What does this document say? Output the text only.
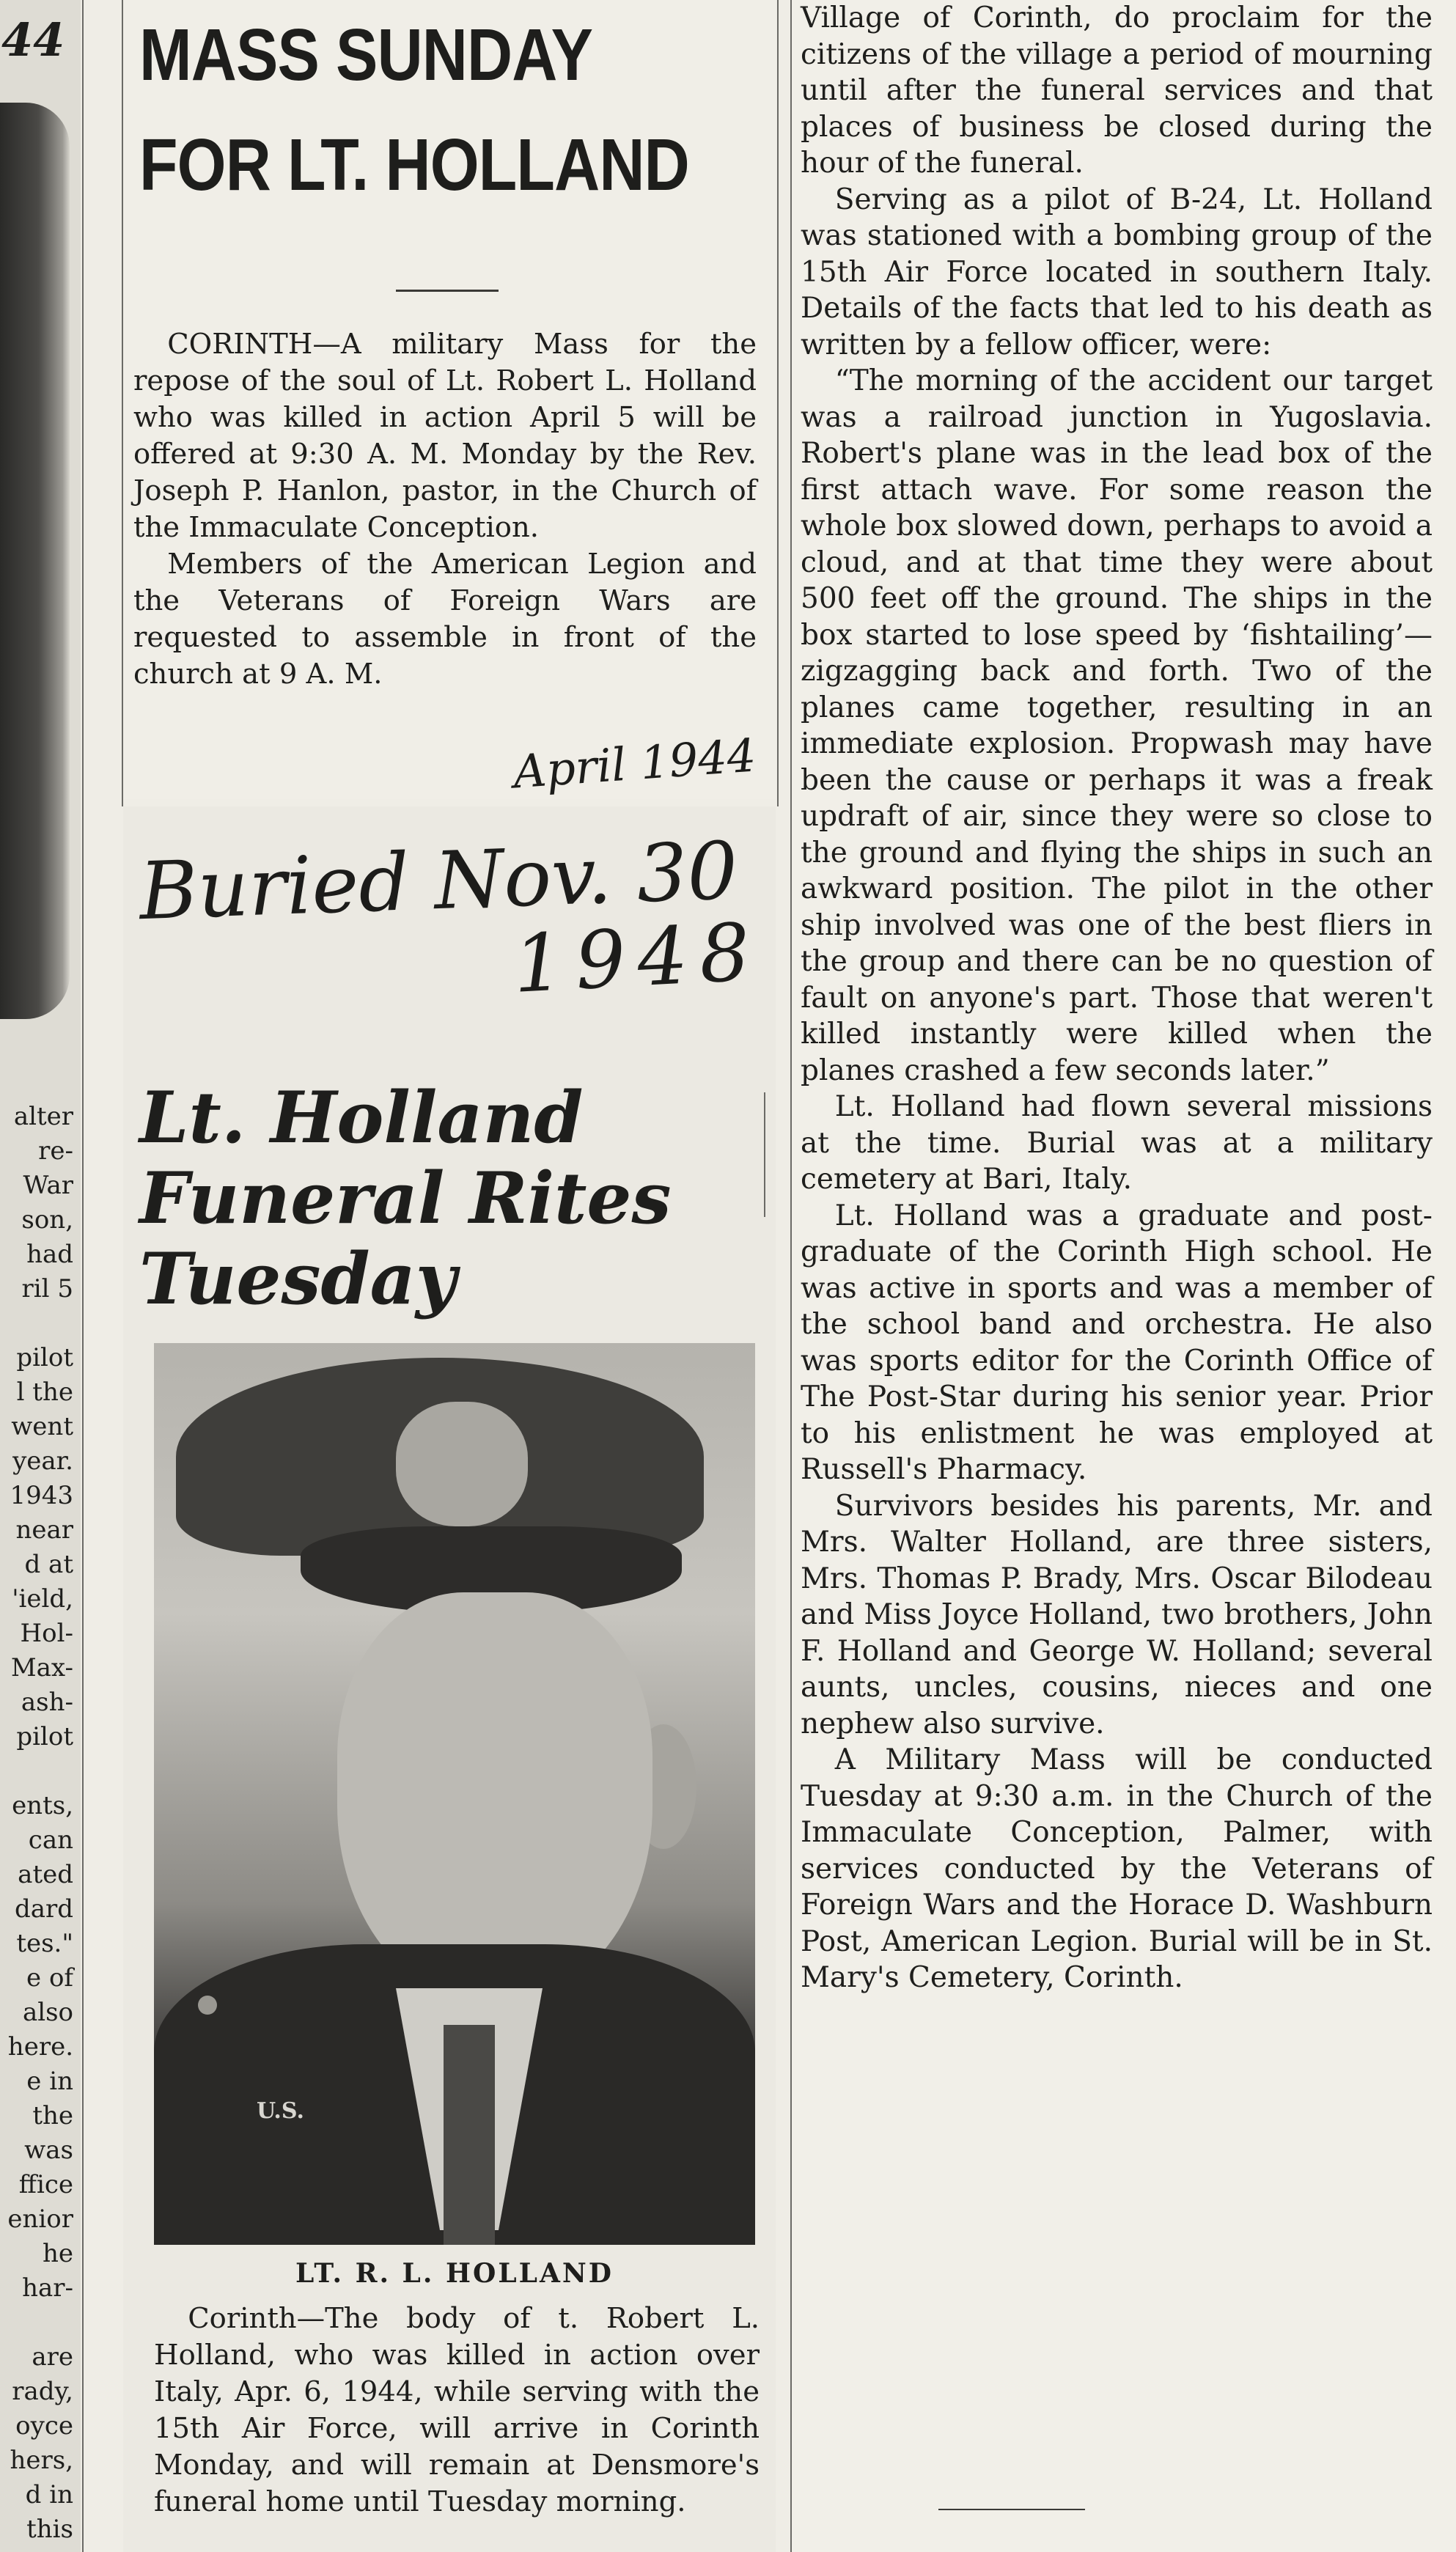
44
alter
re-
War
son,
had
ril 5
pilot
l the
went
year.
1943
near
d at
'ield,
Hol-
Max-
ash-
pilot
ents,
can
ated
dard
tes."
e of
also
here.
e in
the
was
ffice
enior
he
har-
are
rady,
oyce
hers,
d in
this
MASS SUNDAY
FOR LT. HOLLAND

CORINTH—A military Mass for the repose of the soul of Lt. Robert L. Holland who was killed in action April 5 will be offered at 9:30 A. M. Monday by the Rev. Joseph P. Hanlon, pastor, in the Church of the Immaculate Conception.

Members of the American Legion and the Veterans of Foreign Wars are requested to assemble in front of the church at 9 A. M.

April 1944
Buried Nov. 30
1948
Lt. Holland
Funeral Rites
Tuesday
U.S.
LT. R. L. HOLLAND

Corinth—The body of t. Robert L. Holland, who was killed in action over Italy, Apr. 6, 1944, while serving with the 15th Air Force, will arrive in Corinth Monday, and will remain at Densmore's funeral home until Tuesday morning.

Village of Corinth, do proclaim for the citizens of the village a period of mourning until after the funeral services and that places of business be closed during the hour of the funeral.

Serving as a pilot of B-24, Lt. Holland was stationed with a bombing group of the 15th Air Force located in southern Italy. Details of the facts that led to his death as written by a fellow officer, were:

“The morning of the accident our target was a railroad junction in Yugoslavia. Robert's plane was in the lead box of the first attach wave. For some reason the whole box slowed down, perhaps to avoid a cloud, and at that time they were about 500 feet off the ground. The ships in the box started to lose speed by ‘fishtailing’—zigzagging back and forth. Two of the planes came together, resulting in an immediate explosion. Propwash may have been the cause or perhaps it was a freak updraft of air, since they were so close to the ground and flying the ships in such an awkward position. The pilot in the other ship involved was one of the best fliers in the group and there can be no question of fault on anyone's part. Those that weren't killed instantly were killed when the planes crashed a few seconds later.”

Lt. Holland had flown several missions at the time. Burial was at a military cemetery at Bari, Italy.

Lt. Holland was a graduate and post-graduate of the Corinth High school. He was active in sports and was a member of the school band and orchestra. He also was sports editor for the Corinth Office of The Post-Star during his senior year. Prior to his enlistment he was employed at Russell's Pharmacy.

Survivors besides his parents, Mr. and Mrs. Walter Holland, are three sisters, Mrs. Thomas P. Brady, Mrs. Oscar Bilodeau and Miss Joyce Holland, two brothers, John F. Holland and George W. Holland; several aunts, uncles, cousins, nieces and one nephew also survive.

A Military Mass will be conducted Tuesday at 9:30 a.m. in the Church of the Immaculate Conception, Palmer, with services conducted by the Veterans of Foreign Wars and the Horace D. Washburn Post, American Legion. Burial will be in St. Mary's Cemetery, Corinth.
